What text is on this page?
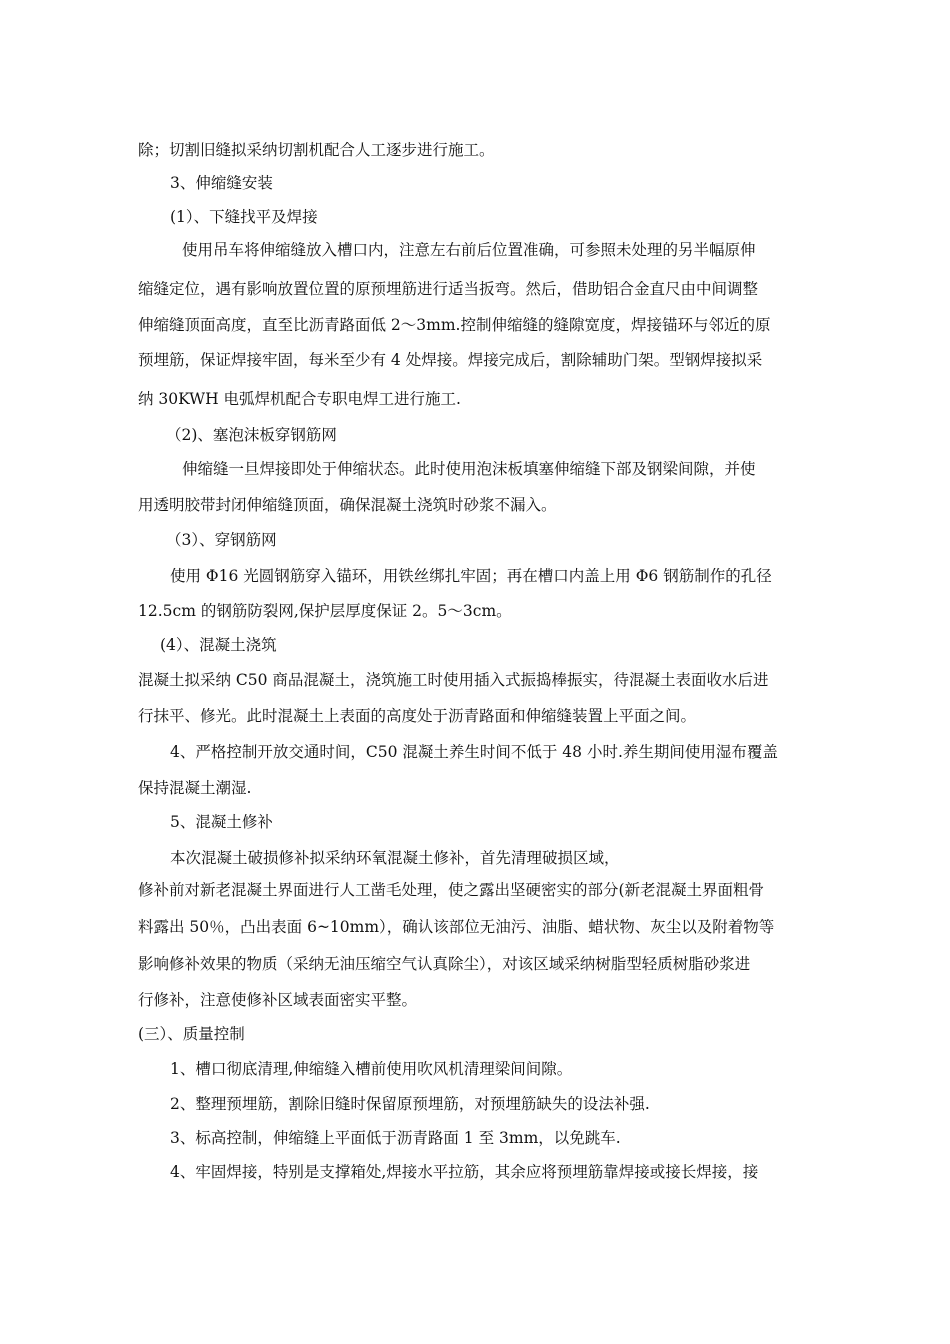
除；切割旧缝拟采纳切割机配合人工逐步进行施工。
3、伸缩缝安装
(1）、下缝找平及焊接
使用吊车将伸缩缝放入槽口内，注意左右前后位置准确，可参照未处理的另半幅原伸
缩缝定位，遇有影响放置位置的原预埋筋进行适当扳弯。然后，借助铝合金直尺由中间调整
伸缩缝顶面高度，直至比沥青路面低 2～3mm.控制伸缩缝的缝隙宽度，焊接锚环与邻近的原
预埋筋，保证焊接牢固，每米至少有 4 处焊接。焊接完成后，割除辅助门架。型钢焊接拟采
纳 30KWH 电弧焊机配合专职电焊工进行施工.
（2)、塞泡沫板穿钢筋网
伸缩缝一旦焊接即处于伸缩状态。此时使用泡沫板填塞伸缩缝下部及钢梁间隙，并使
用透明胶带封闭伸缩缝顶面，确保混凝土浇筑时砂浆不漏入。
（3）、穿钢筋网
使用 Φ16 光圆钢筋穿入锚环，用铁丝绑扎牢固；再在槽口内盖上用 Φ6 钢筋制作的孔径
12.5cm 的钢筋防裂网,保护层厚度保证 2。5～3cm。
(4）、混凝土浇筑
混凝土拟采纳 C50 商品混凝土，浇筑施工时使用插入式振捣棒振实，待混凝土表面收水后进
行抹平、修光。此时混凝土上表面的高度处于沥青路面和伸缩缝装置上平面之间。
4、严格控制开放交通时间，C50 混凝土养生时间不低于 48 小时.养生期间使用湿布覆盖
保持混凝土潮湿.
5、混凝土修补
本次混凝土破损修补拟采纳环氧混凝土修补，首先清理破损区域，
修补前对新老混凝土界面进行人工凿毛处理，使之露出坚硬密实的部分(新老混凝土界面粗骨
料露出 50％，凸出表面 6~10mm），确认该部位无油污、油脂、蜡状物、灰尘以及附着物等
影响修补效果的物质（采纳无油压缩空气认真除尘），对该区域采纳树脂型轻质树脂砂浆进
行修补，注意使修补区域表面密实平整。
(三）、质量控制
1、槽口彻底清理,伸缩缝入槽前使用吹风机清理梁间间隙。
2、整理预埋筋，割除旧缝时保留原预埋筋，对预埋筋缺失的设法补强.
3、标高控制，伸缩缝上平面低于沥青路面 1 至 3mm，以免跳车.
4、牢固焊接，特别是支撑箱处,焊接水平拉筋，其余应将预埋筋靠焊接或接长焊接，接
